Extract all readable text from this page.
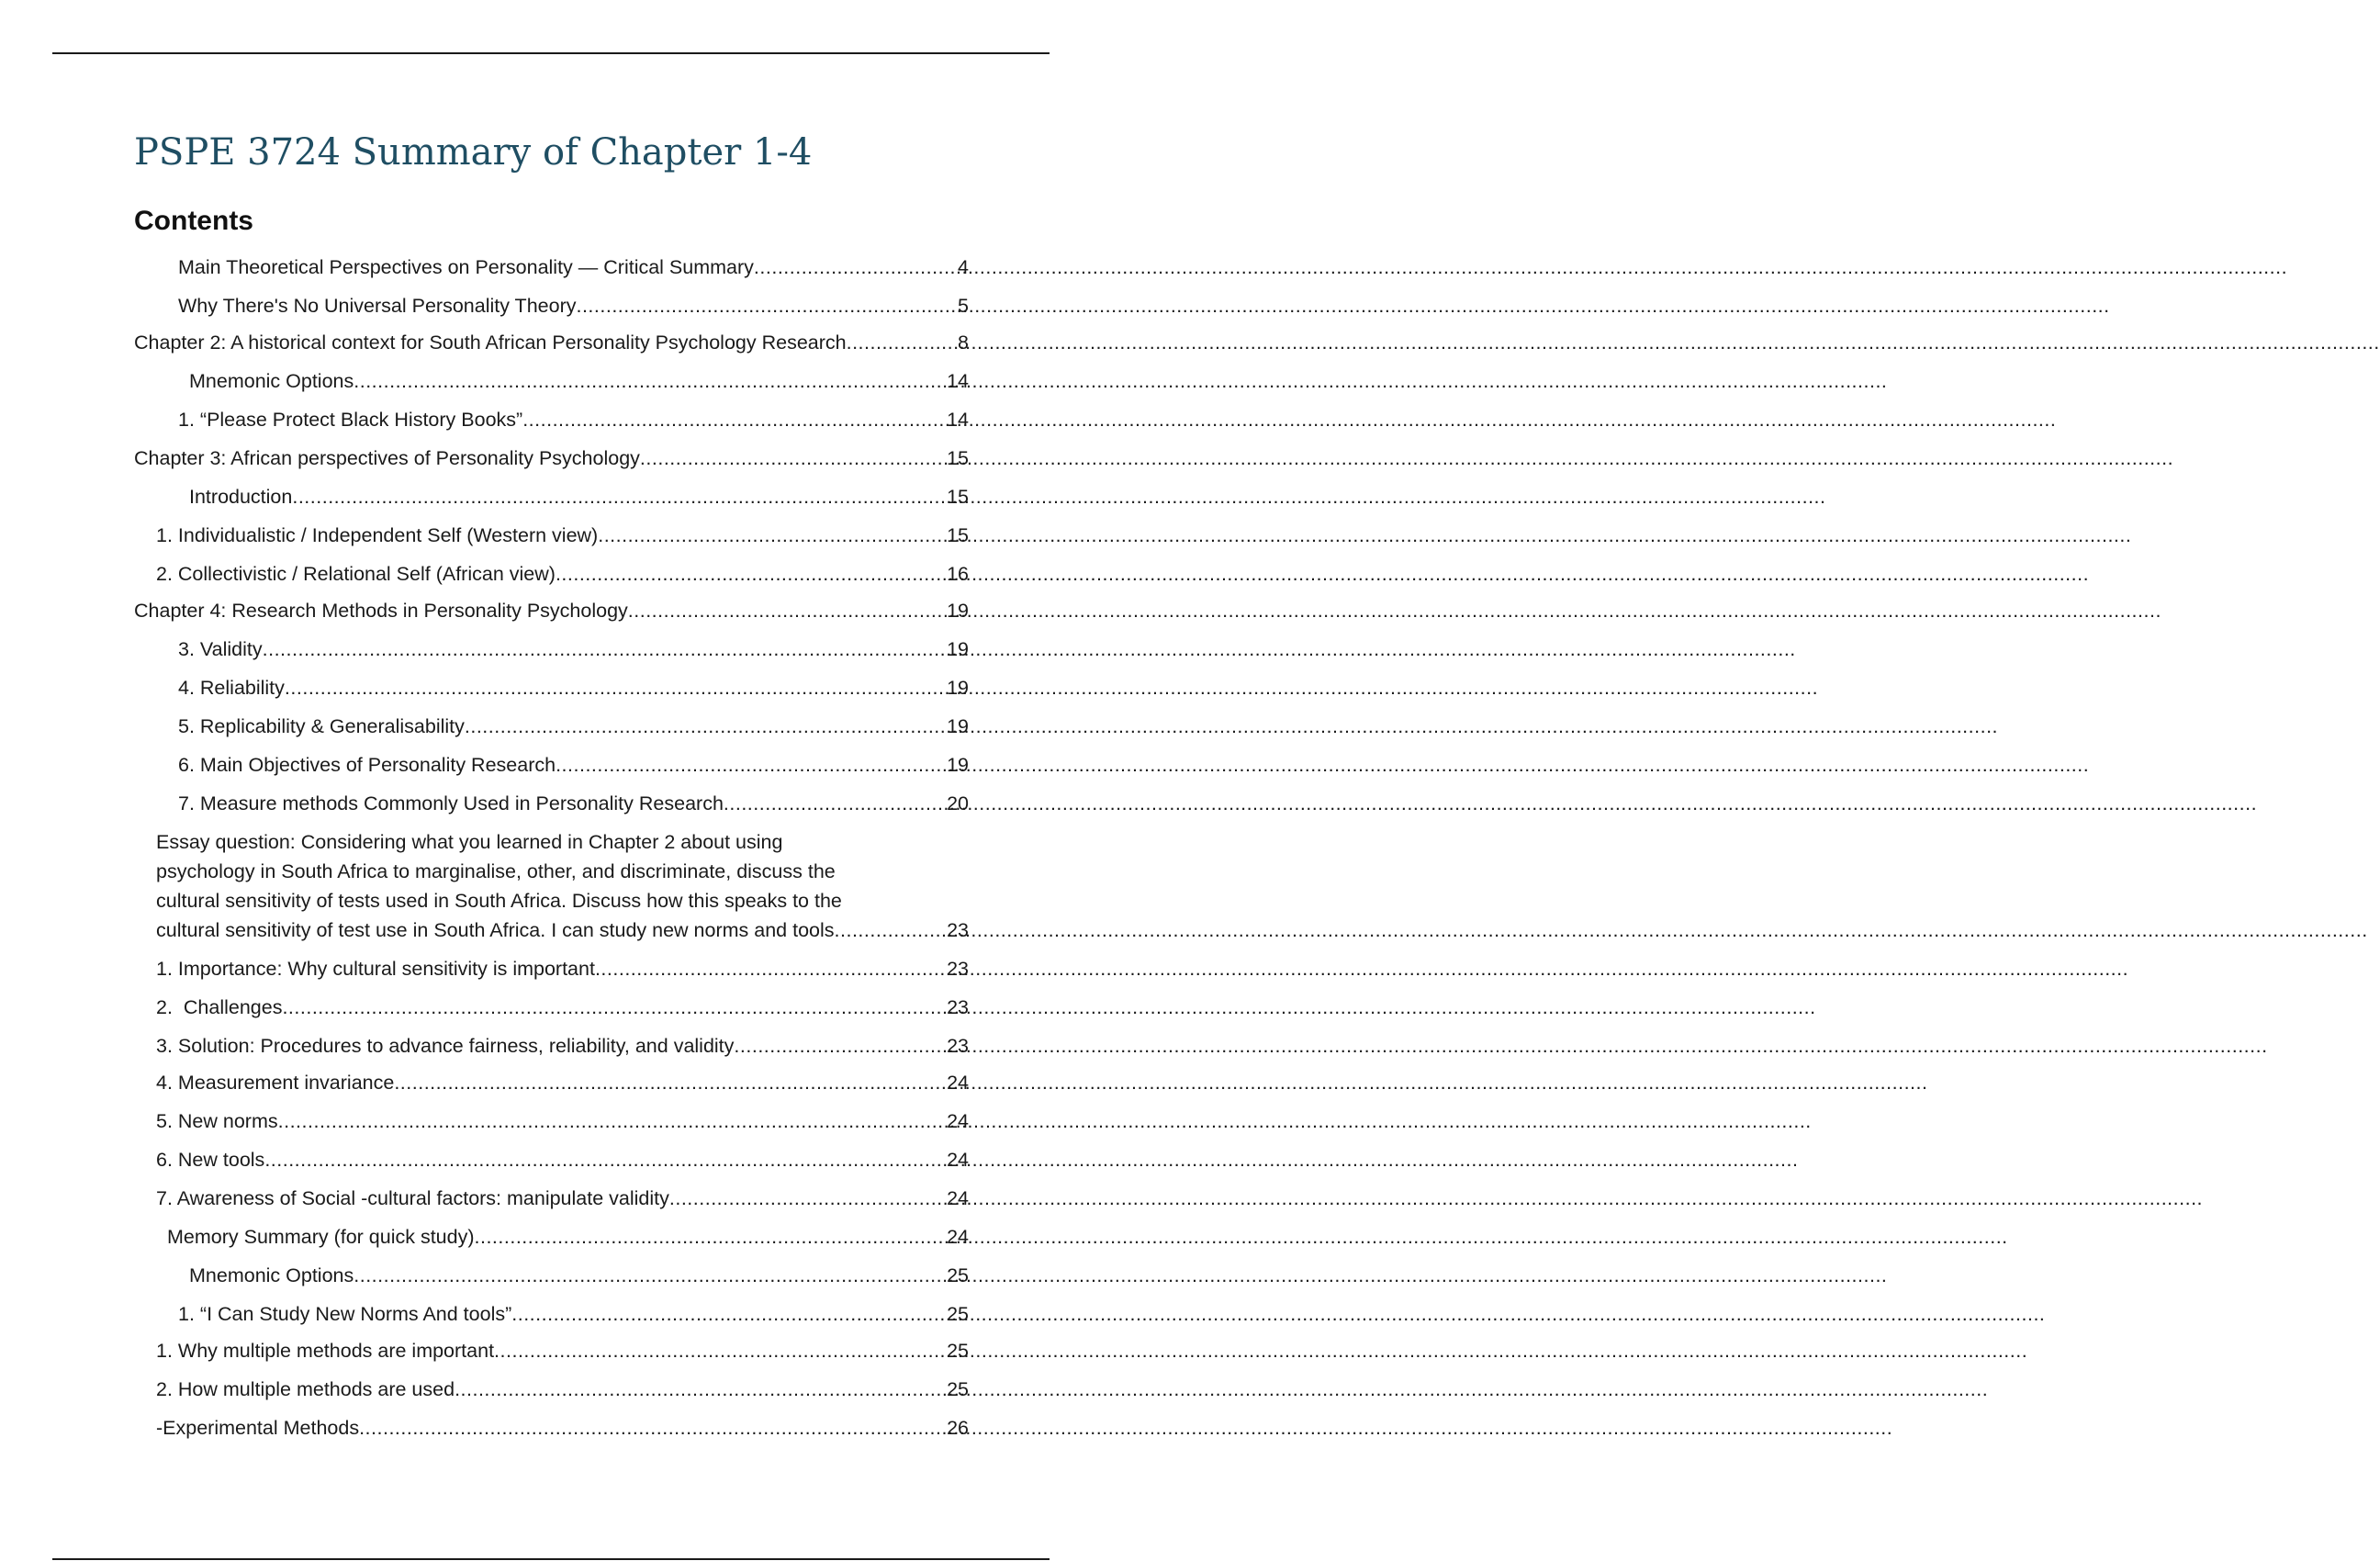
PSPE 3724 Summary of Chapter 1-4
Contents
Main Theoretical Perspectives on Personality — Critical Summary .....	4
Why There's No Universal Personality Theory .....	5
Chapter 2: A historical context for South African Personality Psychology Research .....	8
Mnemonic Options .....	14
1. “Please Protect Black History Books” .....	14
Chapter 3: African perspectives of Personality Psychology .....	15
Introduction .....	15
1. Individualistic / Independent Self (Western view) .....	15
2. Collectivistic / Relational Self (African view) .....	16
Chapter 4: Research Methods in Personality Psychology .....	19
3. Validity .....	19
4. Reliability .....	19
5. Replicability & Generalisability .....	19
6. Main Objectives of Personality Research .....	19
7. Measure methods Commonly Used in Personality Research .....	20
Essay question: Considering what you learned in Chapter 2 about using
psychology in South Africa to marginalise, other, and discriminate, discuss the
cultural sensitivity of tests used in South Africa. Discuss how this speaks to the
cultural sensitivity of test use in South Africa. I can study new norms and tools .....	23
1. Importance: Why cultural sensitivity is important .....	23
2.  Challenges .....	23
3. Solution: Procedures to advance fairness, reliability, and validity .....	23
4. Measurement invariance .....	24
5. New norms .....	24
6. New tools .....	24
7. Awareness of Social -cultural factors: manipulate validity .....	24
Memory Summary (for quick study) .....	24
Mnemonic Options .....	25
1. “I Can Study New Norms And tools” .....	25
1. Why multiple methods are important .....	25
2. How multiple methods are used .....	25
-Experimental Methods .....	26
